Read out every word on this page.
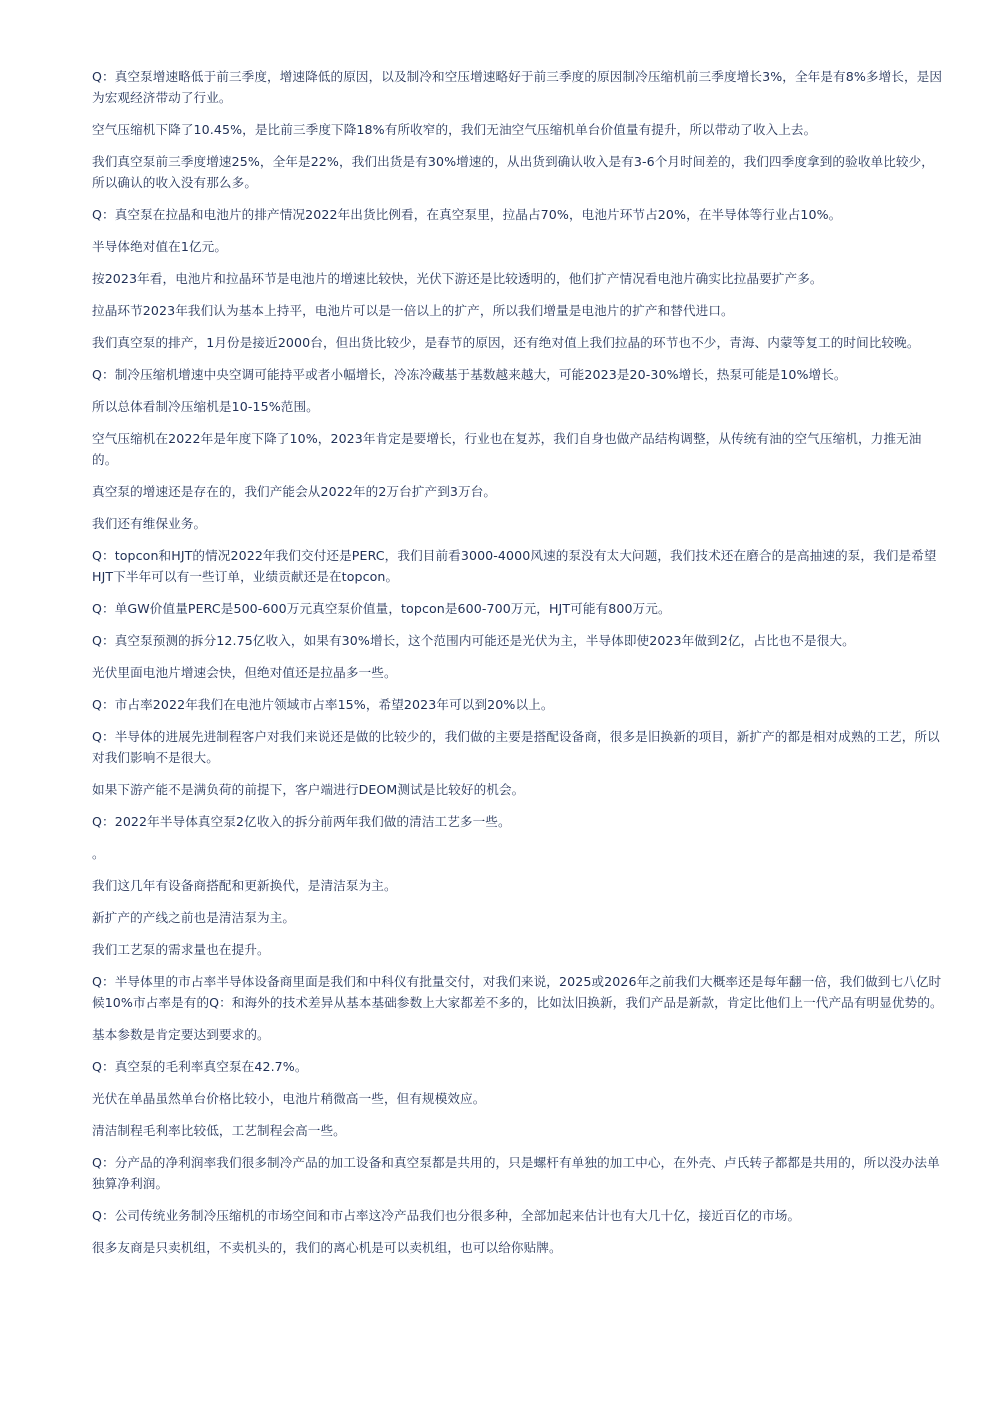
Q：真空泵增速略低于前三季度，增速降低的原因，以及制冷和空压增速略好于前三季度的原因制冷压缩机前三季度增长3%，全年是有8%多增长，是因为宏观经济带动了行业。

空气压缩机下降了10.45%，是比前三季度下降18%有所收窄的，我们无油空气压缩机单台价值量有提升，所以带动了收入上去。

我们真空泵前三季度增速25%，全年是22%，我们出货是有30%增速的，从出货到确认收入是有3-6个月时间差的，我们四季度拿到的验收单比较少，所以确认的收入没有那么多。

Q：真空泵在拉晶和电池片的排产情况2022年出货比例看，在真空泵里，拉晶占70%，电池片环节占20%，在半导体等行业占10%。

半导体绝对值在1亿元。

按2023年看，电池片和拉晶环节是电池片的增速比较快，光伏下游还是比较透明的，他们扩产情况看电池片确实比拉晶要扩产多。

拉晶环节2023年我们认为基本上持平，电池片可以是一倍以上的扩产，所以我们增量是电池片的扩产和替代进口。

我们真空泵的排产，1月份是接近2000台，但出货比较少，是春节的原因，还有绝对值上我们拉晶的环节也不少，青海、内蒙等复工的时间比较晚。

Q：制冷压缩机增速中央空调可能持平或者小幅增长，冷冻冷藏基于基数越来越大，可能2023是20-30%增长，热泵可能是10%增长。

所以总体看制冷压缩机是10-15%范围。

空气压缩机在2022年是年度下降了10%，2023年肯定是要增长，行业也在复苏，我们自身也做产品结构调整，从传统有油的空气压缩机，力推无油的。

真空泵的增速还是存在的，我们产能会从2022年的2万台扩产到3万台。

我们还有维保业务。

Q：topcon和HJT的情况2022年我们交付还是PERC，我们目前看3000-4000风速的泵没有太大问题，我们技术还在磨合的是高抽速的泵，我们是希望HJT下半年可以有一些订单，业绩贡献还是在topcon。

Q：单GW价值量PERC是500-600万元真空泵价值量，topcon是600-700万元，HJT可能有800万元。

Q：真空泵预测的拆分12.75亿收入，如果有30%增长，这个范围内可能还是光伏为主，半导体即使2023年做到2亿，占比也不是很大。

光伏里面电池片增速会快，但绝对值还是拉晶多一些。

Q：市占率2022年我们在电池片领域市占率15%，希望2023年可以到20%以上。

Q：半导体的进展先进制程客户对我们来说还是做的比较少的，我们做的主要是搭配设备商，很多是旧换新的项目，新扩产的都是相对成熟的工艺，所以对我们影响不是很大。

如果下游产能不是满负荷的前提下，客户端进行DEOM测试是比较好的机会。

Q：2022年半导体真空泵2亿收入的拆分前两年我们做的清洁工艺多一些。

。

我们这几年有设备商搭配和更新换代，是清洁泵为主。

新扩产的产线之前也是清洁泵为主。

我们工艺泵的需求量也在提升。

Q：半导体里的市占率半导体设备商里面是我们和中科仪有批量交付，对我们来说，2025或2026年之前我们大概率还是每年翻一倍，我们做到七八亿时候10%市占率是有的Q：和海外的技术差异从基本基础参数上大家都差不多的，比如汰旧换新，我们产品是新款，肯定比他们上一代产品有明显优势的。

基本参数是肯定要达到要求的。

Q：真空泵的毛利率真空泵在42.7%。

光伏在单晶虽然单台价格比较小，电池片稍微高一些，但有规模效应。

清洁制程毛利率比较低，工艺制程会高一些。

Q：分产品的净利润率我们很多制冷产品的加工设备和真空泵都是共用的，只是螺杆有单独的加工中心，在外壳、卢氏转子都都是共用的，所以没办法单独算净利润。

Q：公司传统业务制冷压缩机的市场空间和市占率这冷产品我们也分很多种，全部加起来估计也有大几十亿，接近百亿的市场。

很多友商是只卖机组，不卖机头的，我们的离心机是可以卖机组，也可以给你贴牌。
